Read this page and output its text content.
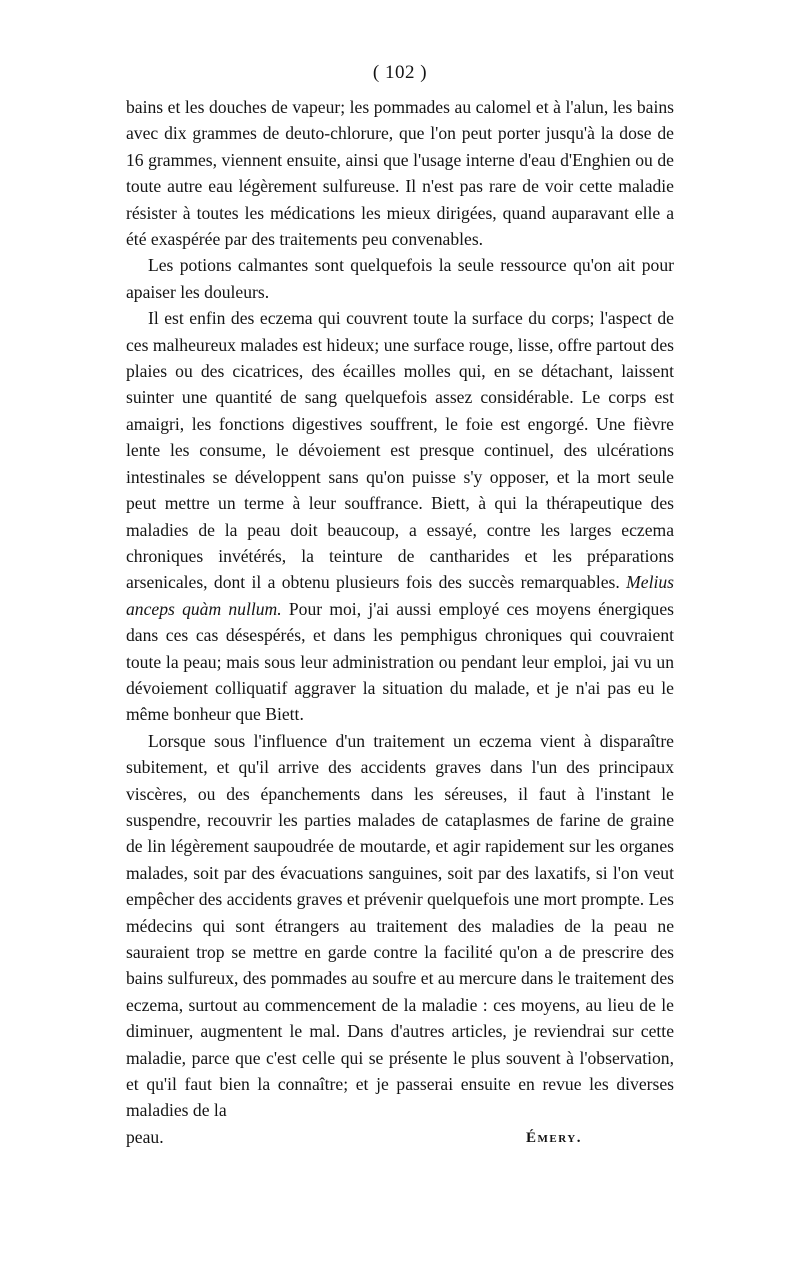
( 102 )

bains et les douches de vapeur; les pommades au calomel et à l'alun, les bains avec dix grammes de deuto-chlorure, que l'on peut porter jusqu'à la dose de 16 grammes, viennent ensuite, ainsi que l'usage interne d'eau d'Enghien ou de toute autre eau légèrement sulfureuse. Il n'est pas rare de voir cette maladie résister à toutes les médications les mieux dirigées, quand auparavant elle a été exaspérée par des traitements peu convenables.

Les potions calmantes sont quelquefois la seule ressource qu'on ait pour apaiser les douleurs.

Il est enfin des eczema qui couvrent toute la surface du corps; l'aspect de ces malheureux malades est hideux; une surface rouge, lisse, offre partout des plaies ou des cicatrices, des écailles molles qui, en se détachant, laissent suinter une quantité de sang quelquefois assez considérable. Le corps est amaigri, les fonctions digestives souffrent, le foie est engorgé. Une fièvre lente les consume, le dévoiement est presque continuel, des ulcérations intestinales se développent sans qu'on puisse s'y opposer, et la mort seule peut mettre un terme à leur souffrance. Biett, à qui la thérapeutique des maladies de la peau doit beaucoup, a essayé, contre les larges eczema chroniques invétérés, la teinture de cantharides et les préparations arsenicales, dont il a obtenu plusieurs fois des succès remarquables. Melius anceps quàm nullum. Pour moi, j'ai aussi employé ces moyens énergiques dans ces cas désespérés, et dans les pemphigus chroniques qui couvraient toute la peau; mais sous leur administration ou pendant leur emploi, jai vu un dévoiement colliquatif aggraver la situation du malade, et je n'ai pas eu le même bonheur que Biett.

Lorsque sous l'influence d'un traitement un eczema vient à disparaître subitement, et qu'il arrive des accidents graves dans l'un des principaux viscères, ou des épanchements dans les séreuses, il faut à l'instant le suspendre, recouvrir les parties malades de cataplasmes de farine de graine de lin légèrement saupoudrée de moutarde, et agir rapidement sur les organes malades, soit par des évacuations sanguines, soit par des laxatifs, si l'on veut empêcher des accidents graves et prévenir quelquefois une mort prompte. Les médecins qui sont étrangers au traitement des maladies de la peau ne sauraient trop se mettre en garde contre la facilité qu'on a de prescrire des bains sulfureux, des pommades au soufre et au mercure dans le traitement des eczema, surtout au commencement de la maladie : ces moyens, au lieu de le diminuer, augmentent le mal. Dans d'autres articles, je reviendrai sur cette maladie, parce que c'est celle qui se présente le plus souvent à l'observation, et qu'il faut bien la connaître; et je passerai ensuite en revue les diverses maladies de la

peau.	Émery.
